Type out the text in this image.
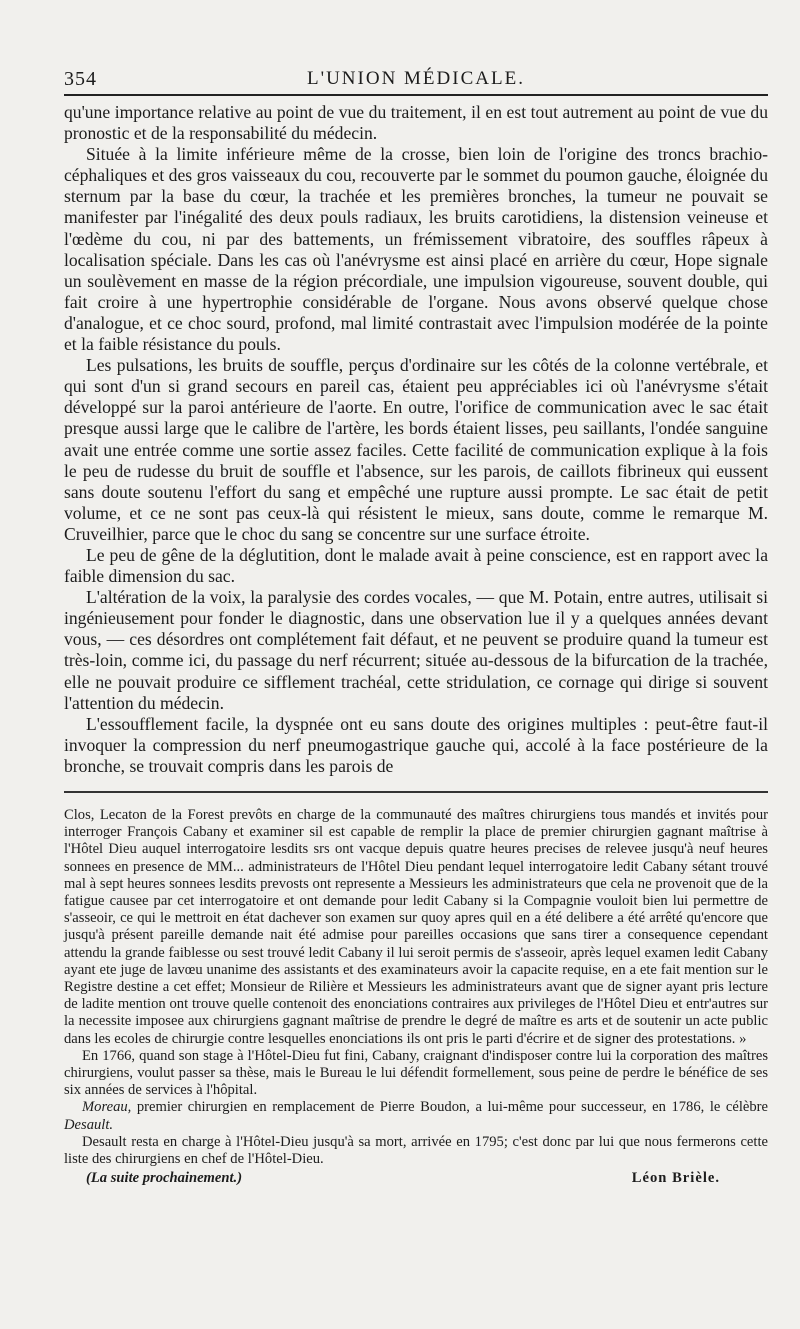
354	L'UNION MÉDICALE.

qu'une importance relative au point de vue du traitement, il en est tout autrement au point de vue du pronostic et de la responsabilité du médecin.

Située à la limite inférieure même de la crosse, bien loin de l'origine des troncs brachio-céphaliques et des gros vaisseaux du cou, recouverte par le sommet du poumon gauche, éloignée du sternum par la base du cœur, la trachée et les premières bronches, la tumeur ne pouvait se manifester par l'inégalité des deux pouls radiaux, les bruits carotidiens, la distension veineuse et l'œdème du cou, ni par des battements, un frémissement vibratoire, des souffles râpeux à localisation spéciale. Dans les cas où l'anévrysme est ainsi placé en arrière du cœur, Hope signale un soulèvement en masse de la région précordiale, une impulsion vigoureuse, souvent double, qui fait croire à une hypertrophie considérable de l'organe. Nous avons observé quelque chose d'analogue, et ce choc sourd, profond, mal limité contrastait avec l'impulsion modérée de la pointe et la faible résistance du pouls.

Les pulsations, les bruits de souffle, perçus d'ordinaire sur les côtés de la colonne vertébrale, et qui sont d'un si grand secours en pareil cas, étaient peu appréciables ici où l'anévrysme s'était développé sur la paroi antérieure de l'aorte. En outre, l'orifice de communication avec le sac était presque aussi large que le calibre de l'artère, les bords étaient lisses, peu saillants, l'ondée sanguine avait une entrée comme une sortie assez faciles. Cette facilité de communication explique à la fois le peu de rudesse du bruit de souffle et l'absence, sur les parois, de caillots fibrineux qui eussent sans doute soutenu l'effort du sang et empêché une rupture aussi prompte. Le sac était de petit volume, et ce ne sont pas ceux-là qui résistent le mieux, sans doute, comme le remarque M. Cruveilhier, parce que le choc du sang se concentre sur une surface étroite.

Le peu de gêne de la déglutition, dont le malade avait à peine conscience, est en rapport avec la faible dimension du sac.

L'altération de la voix, la paralysie des cordes vocales, — que M. Potain, entre autres, utilisait si ingénieusement pour fonder le diagnostic, dans une observation lue il y a quelques années devant vous, — ces désordres ont complétement fait défaut, et ne peuvent se produire quand la tumeur est très-loin, comme ici, du passage du nerf récurrent; située au-dessous de la bifurcation de la trachée, elle ne pouvait produire ce sifflement trachéal, cette stridulation, ce cornage qui dirige si souvent l'attention du médecin.

L'essoufflement facile, la dyspnée ont eu sans doute des origines multiples : peut-être faut-il invoquer la compression du nerf pneumogastrique gauche qui, accolé à la face postérieure de la bronche, se trouvait compris dans les parois de

Clos, Lecaton de la Forest prevôts en charge de la communauté des maîtres chirurgiens tous mandés et invités pour interroger François Cabany et examiner sil est capable de remplir la place de premier chirurgien gagnant maîtrise à l'Hôtel Dieu auquel interrogatoire lesdits srs ont vacque depuis quatre heures precises de relevee jusqu'à neuf heures sonnees en presence de MM... administrateurs de l'Hôtel Dieu pendant lequel interrogatoire ledit Cabany sétant trouvé mal à sept heures sonnees lesdits prevosts ont represente a Messieurs les administrateurs que cela ne provenoit que de la fatigue causee par cet interrogatoire et ont demande pour ledit Cabany si la Compagnie vouloit bien lui permettre de s'asseoir, ce qui le mettroit en état dachever son examen sur quoy apres quil en a été delibere a été arrêté qu'encore que jusqu'à présent pareille demande nait été admise pour pareilles occasions que sans tirer a consequence cependant attendu la grande faiblesse ou sest trouvé ledit Cabany il lui seroit permis de s'asseoir, après lequel examen ledit Cabany ayant ete juge de lavœu unanime des assistants et des examinateurs avoir la capacite requise, en a ete fait mention sur le Registre destine a cet effet; Monsieur de Rilière et Messieurs les administrateurs avant que de signer ayant pris lecture de ladite mention ont trouve quelle contenoit des enonciations contraires aux privileges de l'Hôtel Dieu et entr'autres sur la necessite imposee aux chirurgiens gagnant maîtrise de prendre le degré de maître es arts et de soutenir un acte public dans les ecoles de chirurgie contre lesquelles enonciations ils ont pris le parti d'écrire et de signer des protestations. »

En 1766, quand son stage à l'Hôtel-Dieu fut fini, Cabany, craignant d'indisposer contre lui la corporation des maîtres chirurgiens, voulut passer sa thèse, mais le Bureau le lui défendit formellement, sous peine de perdre le bénéfice de ses six années de services à l'hôpital.

Moreau, premier chirurgien en remplacement de Pierre Boudon, a lui-même pour successeur, en 1786, le célèbre Desault.

Desault resta en charge à l'Hôtel-Dieu jusqu'à sa mort, arrivée en 1795; c'est donc par lui que nous fermerons cette liste des chirurgiens en chef de l'Hôtel-Dieu.

(La suite prochainement.)	Léon Brièle.
